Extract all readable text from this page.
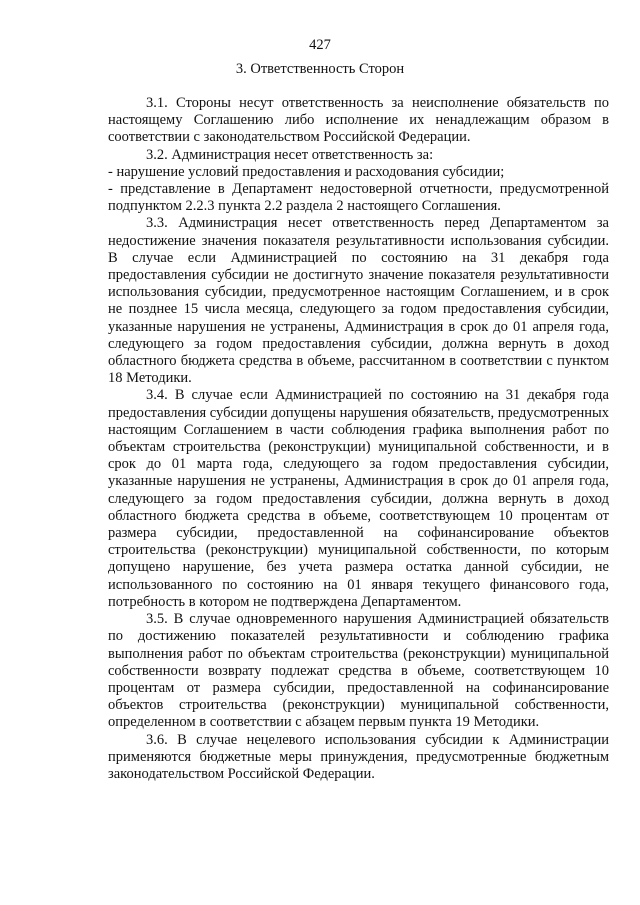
427
3. Ответственность Сторон

3.1. Стороны несут ответственность за неисполнение обязательств по настоящему Соглашению либо исполнение их ненадлежащим образом в соответствии с законодательством Российской Федерации.

3.2. Администрация несет ответственность за:

- нарушение условий предоставления и расходования субсидии;

- представление в Департамент недостоверной отчетности, предусмотренной подпунктом 2.2.3 пункта 2.2 раздела 2 настоящего Соглашения.

3.3. Администрация несет ответственность перед Департаментом за недостижение значения показателя результативности использования субсидии. В случае если Администрацией по состоянию на 31 декабря года предоставления субсидии не достигнуто значение показателя результативности использования субсидии, предусмотренное настоящим Соглашением, и в срок не позднее 15 числа месяца, следующего за годом предоставления субсидии, указанные нарушения не устранены, Администрация в срок до 01 апреля года, следующего за годом предоставления субсидии, должна вернуть в доход областного бюджета средства в объеме, рассчитанном в соответствии с пунктом 18 Методики.

3.4. В случае если Администрацией по состоянию на 31 декабря года предоставления субсидии допущены нарушения обязательств, предусмотренных настоящим Соглашением в части соблюдения графика выполнения работ по объектам строительства (реконструкции) муниципальной собственности, и в срок до 01 марта года, следующего за годом предоставления субсидии, указанные нарушения не устранены, Администрация в срок до 01 апреля года, следующего за годом предоставления субсидии, должна вернуть в доход областного бюджета средства в объеме, соответствующем 10 процентам от размера субсидии, предоставленной на софинансирование объектов строительства (реконструкции) муниципальной собственности, по которым допущено нарушение, без учета размера остатка данной субсидии, не использованного по состоянию на 01 января текущего финансового года, потребность в котором не подтверждена Департаментом.

3.5. В случае одновременного нарушения Администрацией обязательств по достижению показателей результативности и соблюдению графика выполнения работ по объектам строительства (реконструкции) муниципальной собственности возврату подлежат средства в объеме, соответствующем 10 процентам от размера субсидии, предоставленной на софинансирование объектов строительства (реконструкции) муниципальной собственности, определенном в соответствии с абзацем первым пункта 19 Методики.

3.6. В случае нецелевого использования субсидии к Администрации применяются бюджетные меры принуждения, предусмотренные бюджетным законодательством Российской Федерации.
